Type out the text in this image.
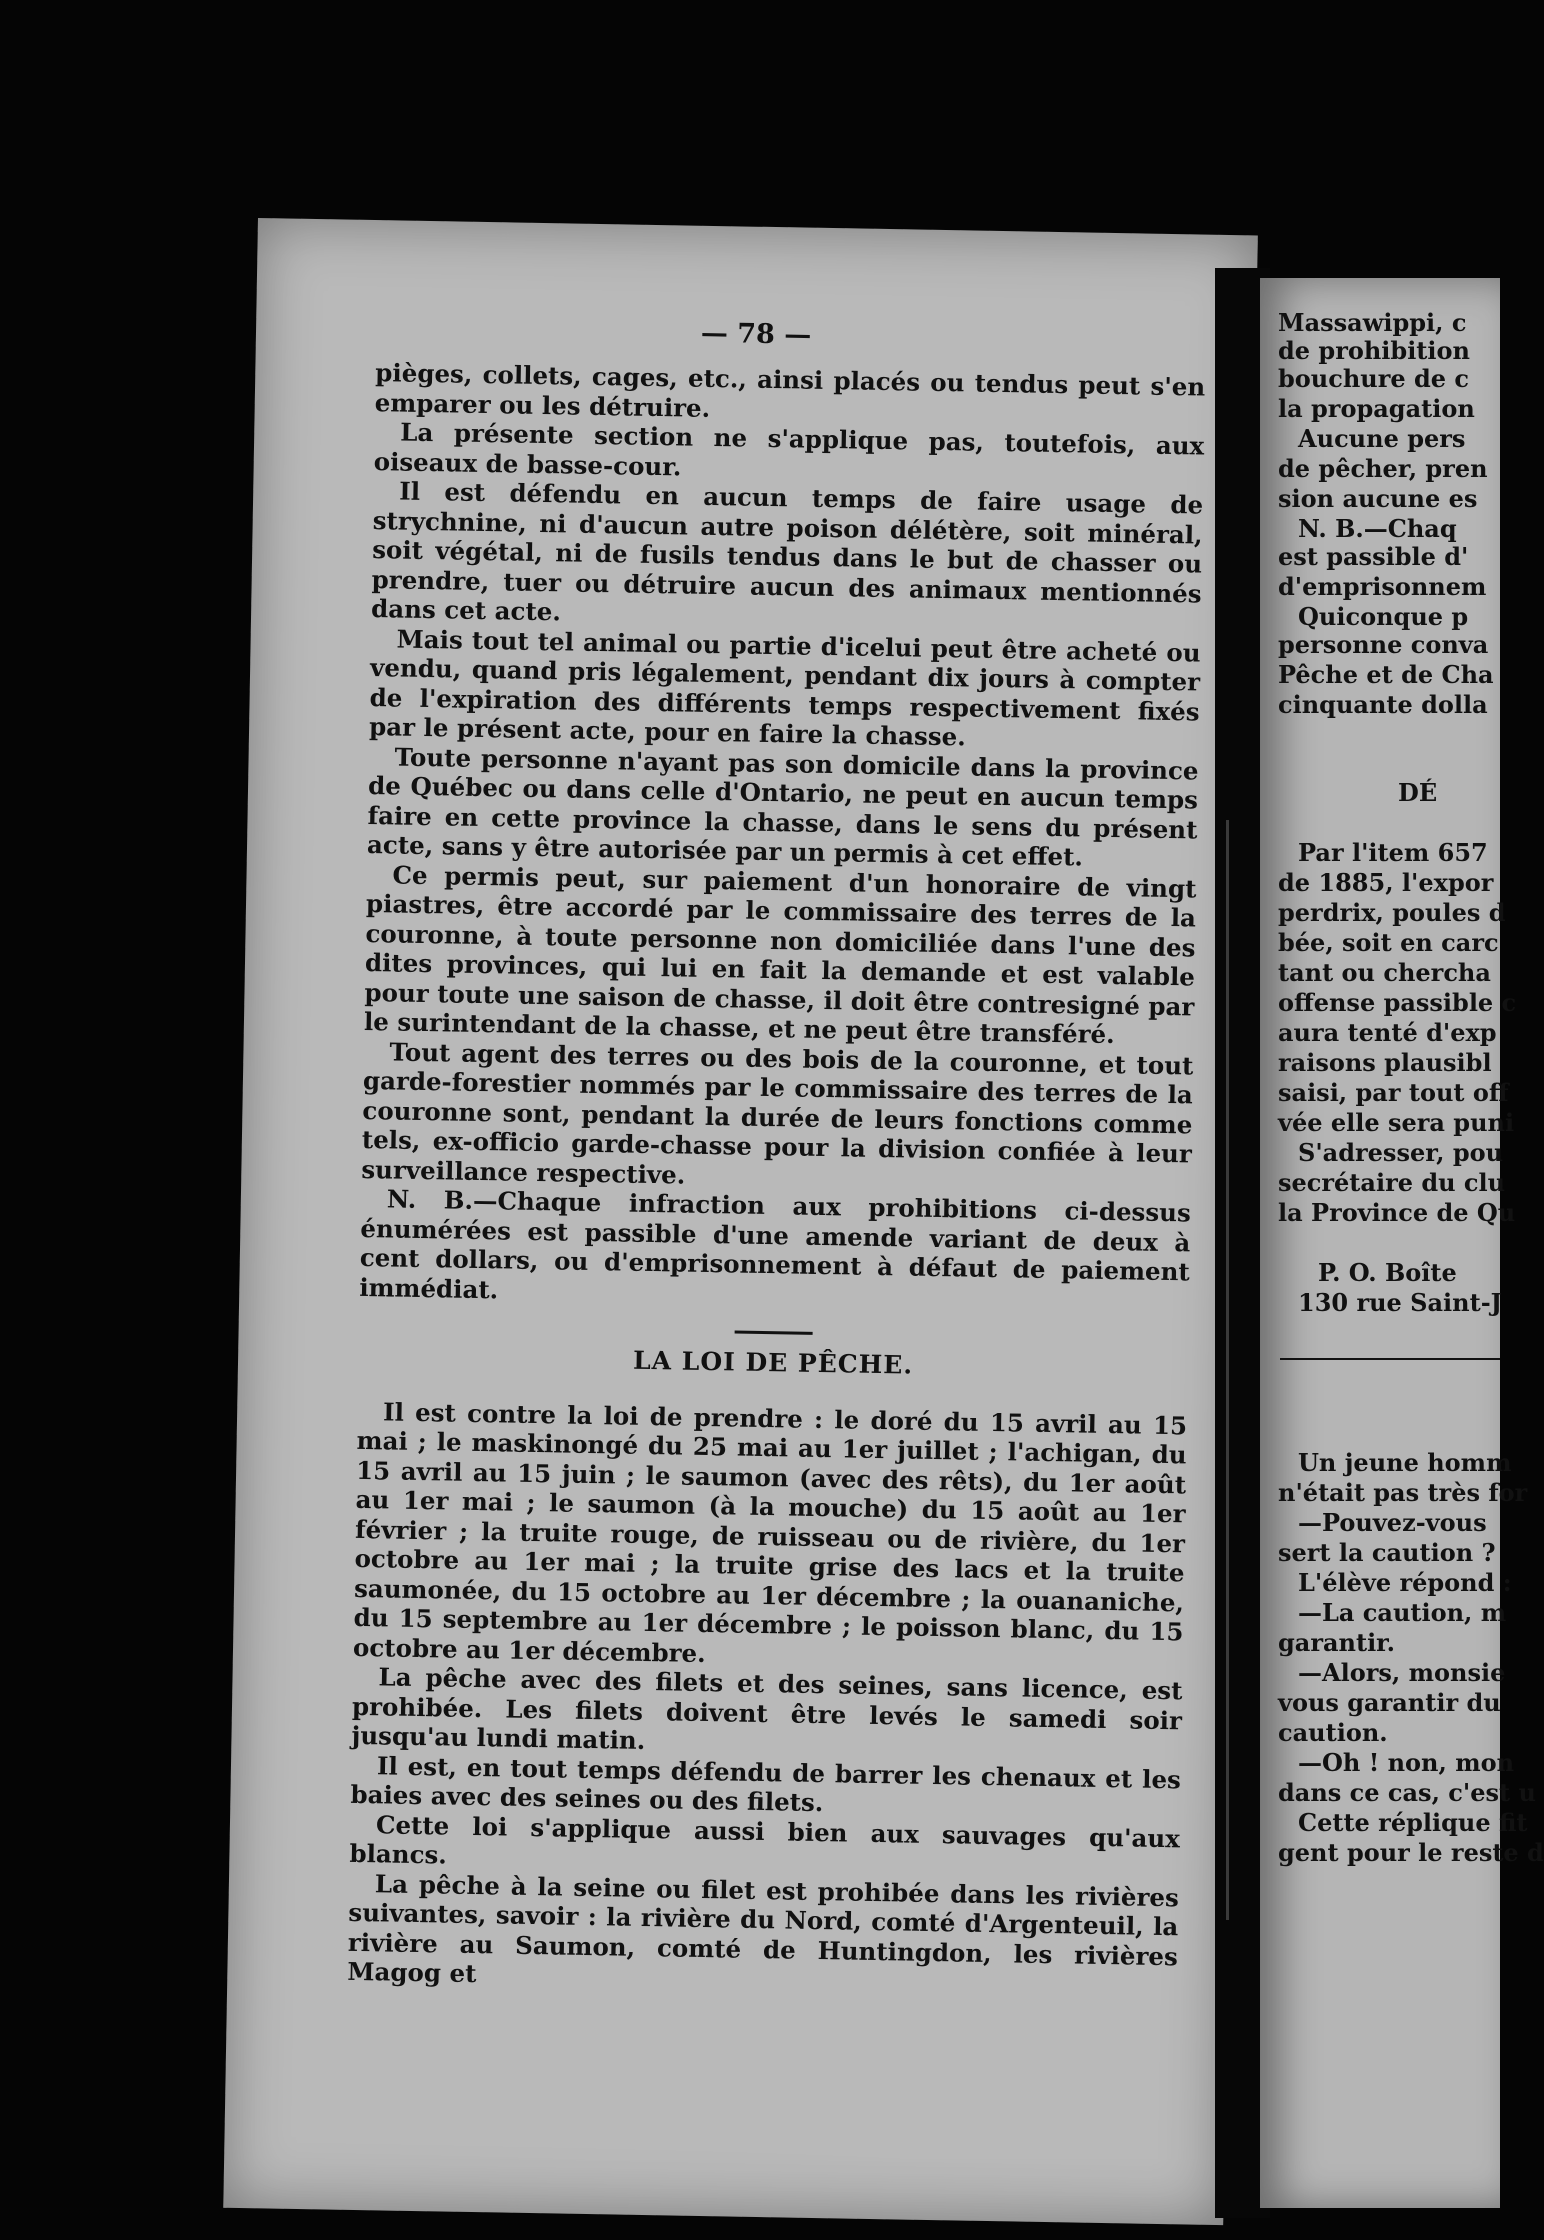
— 78 —

pièges, collets, cages, etc., ainsi placés ou tendus peut s'en emparer ou les détruire.

La présente section ne s'applique pas, toutefois, aux oiseaux de basse-cour.

Il est défendu en aucun temps de faire usage de strychnine, ni d'aucun autre poison délétère, soit minéral, soit végétal, ni de fusils tendus dans le but de chasser ou prendre, tuer ou détruire aucun des animaux mentionnés dans cet acte.

Mais tout tel animal ou partie d'icelui peut être acheté ou vendu, quand pris légalement, pendant dix jours à compter de l'expiration des différents temps respectivement fixés par le présent acte, pour en faire la chasse.

Toute personne n'ayant pas son domicile dans la province de Québec ou dans celle d'Ontario, ne peut en aucun temps faire en cette province la chasse, dans le sens du présent acte, sans y être autorisée par un permis à cet effet.

Ce permis peut, sur paiement d'un honoraire de vingt piastres, être accordé par le commissaire des terres de la couronne, à toute personne non domiciliée dans l'une des dites provinces, qui lui en fait la demande et est valable pour toute une saison de chasse, il doit être contresigné par le surintendant de la chasse, et ne peut être transféré.

Tout agent des terres ou des bois de la couronne, et tout garde-forestier nommés par le commissaire des terres de la couronne sont, pendant la durée de leurs fonctions comme tels, ex-officio garde-chasse pour la division confiée à leur surveillance respective.

N. B.—Chaque infraction aux prohibitions ci-dessus énumérées est passible d'une amende variant de deux à cent dollars, ou d'emprisonnement à défaut de paiement immédiat.

LA LOI DE PÊCHE.

Il est contre la loi de prendre : le doré du 15 avril au 15 mai ; le maskinongé du 25 mai au 1er juillet ; l'achigan, du 15 avril au 15 juin ; le saumon (avec des rêts), du 1er août au 1er mai ; le saumon (à la mouche) du 15 août au 1er février ; la truite rouge, de ruisseau ou de rivière, du 1er octobre au 1er mai ; la truite grise des lacs et la truite saumonée, du 15 octobre au 1er décembre ; la ouananiche, du 15 septembre au 1er décembre ; le poisson blanc, du 15 octobre au 1er décembre.

La pêche avec des filets et des seines, sans licence, est prohibée. Les filets doivent être levés le samedi soir jusqu'au lundi matin.

Il est, en tout temps défendu de barrer les chenaux et les baies avec des seines ou des filets.

Cette loi s'applique aussi bien aux sauvages qu'aux blancs.

La pêche à la seine ou filet est prohibée dans les rivières suivantes, savoir : la rivière du Nord, comté d'Argenteuil, la rivière au Saumon, comté de Huntingdon, les rivières Magog et

Massawippi, c
de prohibition
bouchure de c
la propagation
Aucune pers
de pêcher, pren
sion aucune es
N. B.—Chaq
est passible d'
d'emprisonnem
Quiconque p
personne conva
Pêche et de Cha
cinquante dolla
DÉ
Par l'item 657
de 1885, l'expor
perdrix, poules d
bée, soit en carc
tant ou chercha
offense passible c
aura tenté d'exp
raisons plausibl
saisi, par tout off
vée elle sera puni
S'adresser, pou
secrétaire du clu
la Province de Qu
P. O. Boîte
130 rue Saint-J
Un jeune homm
n'était pas très for
—Pouvez-vous
sert la caution ?
L'élève répond :
—La caution, m
garantir.
—Alors, monsie
vous garantir du
caution.
—Oh ! non, mon
dans ce cas, c'est u
Cette réplique fit
gent pour le reste d
